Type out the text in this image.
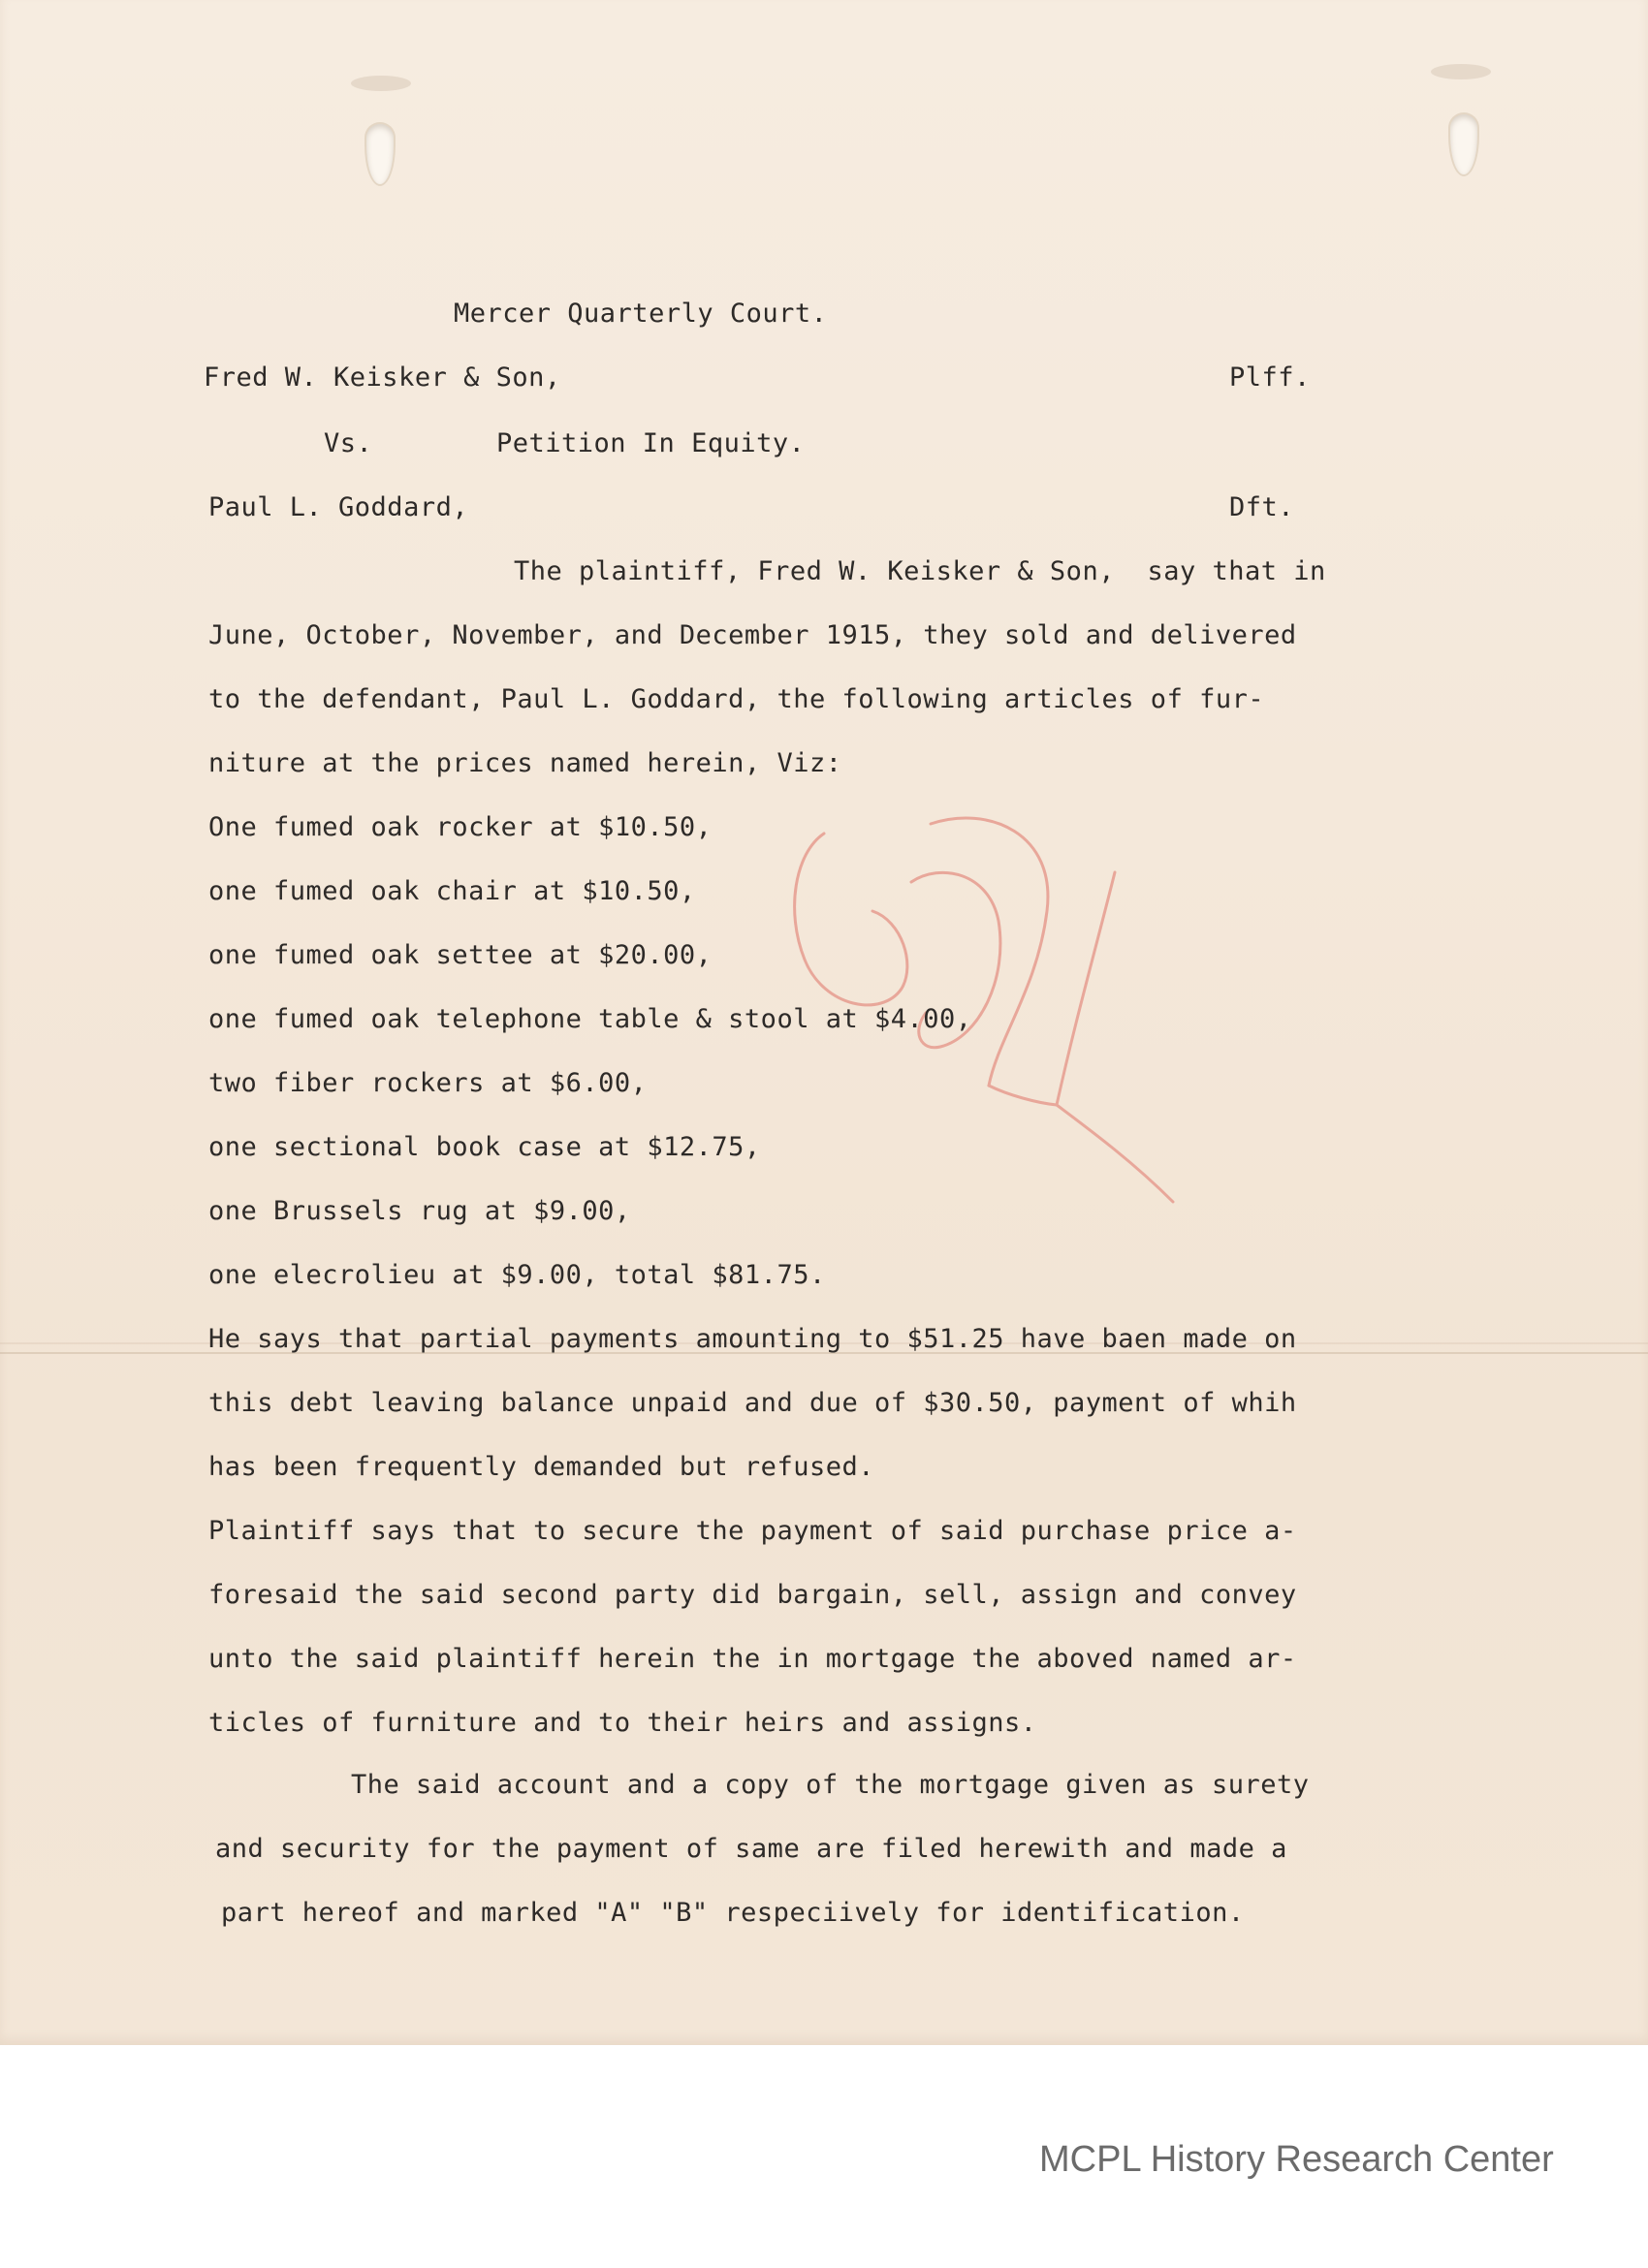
Mercer Quarterly Court.
Fred W. Keisker & Son,	Plff.
Vs.	Petition In Equity.
Paul L. Goddard,	Dft.
The plaintiff, Fred W. Keisker & Son,  say that in
June, October, November, and December 1915, they sold and delivered
to the defendant, Paul L. Goddard, the following articles of fur-
niture at the prices named herein, Viz:
One fumed oak rocker at $10.50,
one fumed oak chair at $10.50,
one fumed oak settee at $20.00,
one fumed oak telephone table & stool at $4.00,
two fiber rockers at $6.00,
one sectional book case at $12.75,
one Brussels rug at $9.00,
one elecrolieu at $9.00, total $81.75.
He says that partial payments amounting to $51.25 have baen made on
this debt leaving balance unpaid and due of $30.50, payment of whih
has been frequently demanded but refused.
Plaintiff says that to secure the payment of said purchase price a-
foresaid the said second party did bargain, sell, assign and convey
unto the said plaintiff herein the in mortgage the aboved named ar-
ticles of furniture and to their heirs and assigns.
The said account and a copy of the mortgage given as surety
and security for the payment of same are filed herewith and made a
part hereof and marked "A" "B" respeciively for identification.
MCPL History Research Center
